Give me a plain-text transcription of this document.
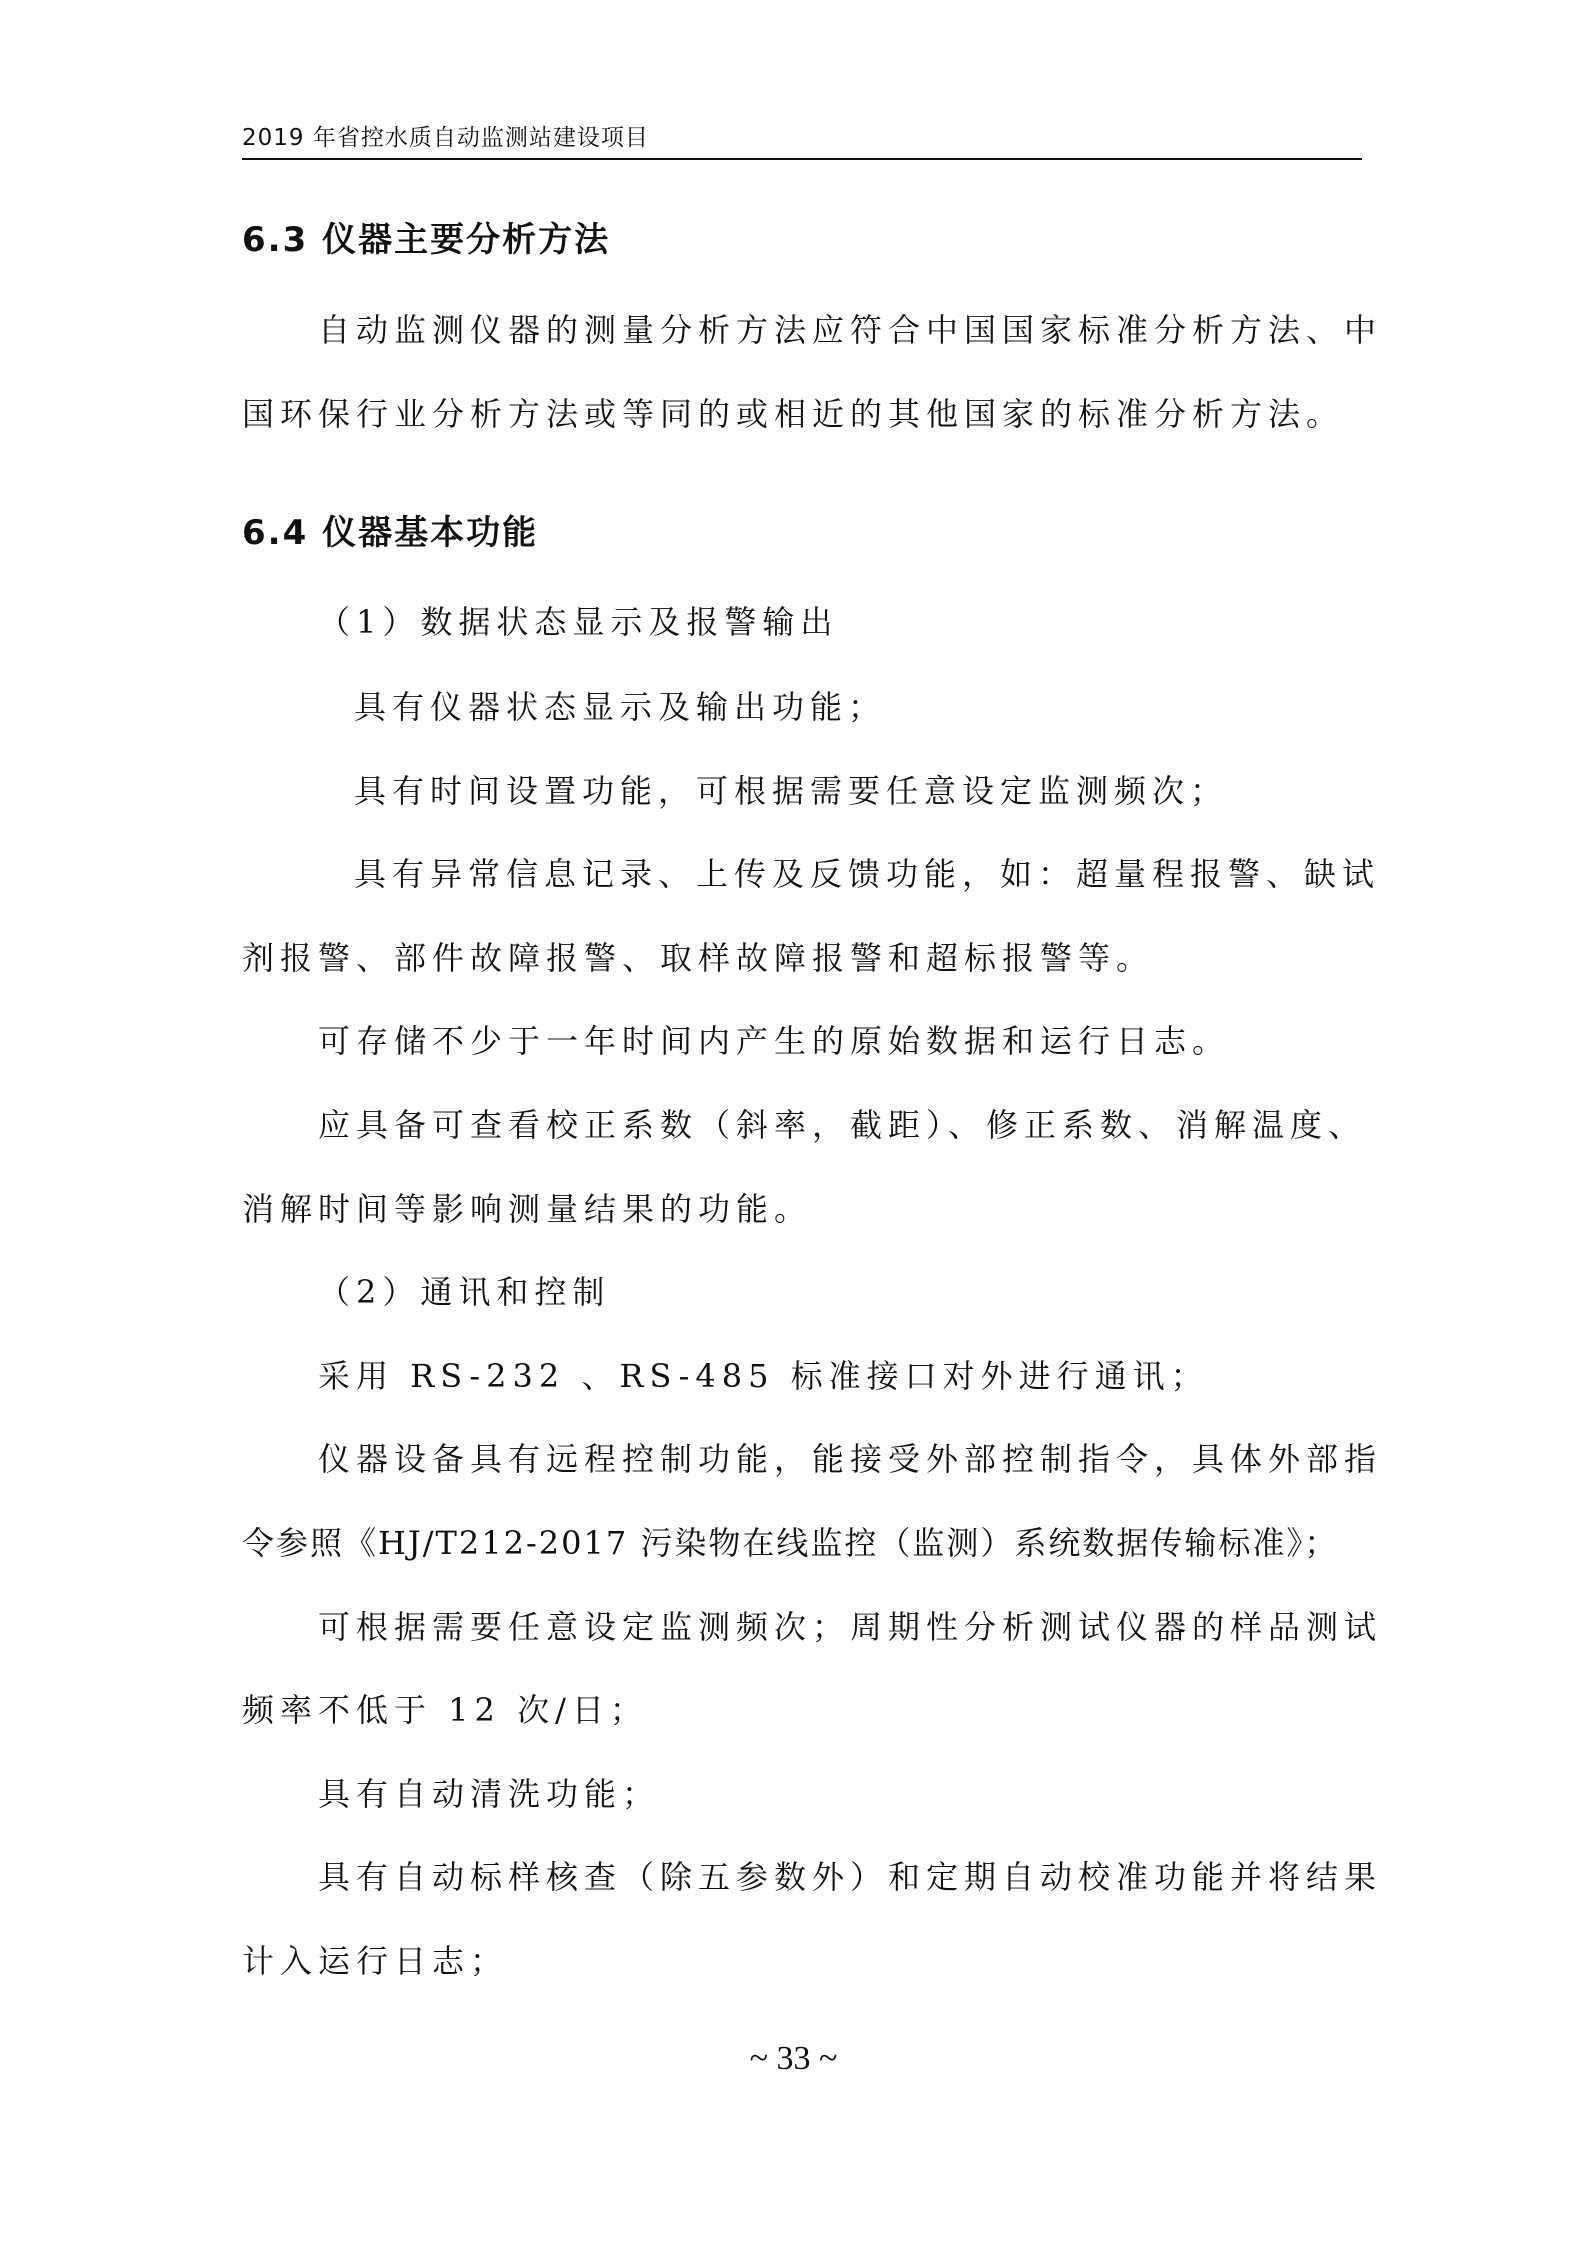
2019 年省控水质自动监测站建设项目
6.3 仪器主要分析方法
自动监测仪器的测量分析方法应符合中国国家标准分析方法、中
国环保行业分析方法或等同的或相近的其他国家的标准分析方法。
6.4 仪器基本功能
（1）数据状态显示及报警输出
具有仪器状态显示及输出功能；
具有时间设置功能，可根据需要任意设定监测频次；
具有异常信息记录、上传及反馈功能，如：超量程报警、缺试
剂报警、部件故障报警、取样故障报警和超标报警等。
可存储不少于一年时间内产生的原始数据和运行日志。
应具备可查看校正系数（斜率，截距）、修正系数、消解温度、
消解时间等影响测量结果的功能。
（2）通讯和控制
采用 RS-232 、RS-485 标准接口对外进行通讯；
仪器设备具有远程控制功能，能接受外部控制指令，具体外部指
令参照《HJ/T212-2017 污染物在线监控（监测）系统数据传输标准》；
可根据需要任意设定监测频次；周期性分析测试仪器的样品测试
频率不低于 12 次/日；
具有自动清洗功能；
具有自动标样核查（除五参数外）和定期自动校准功能并将结果
计入运行日志；
~ 33 ~
